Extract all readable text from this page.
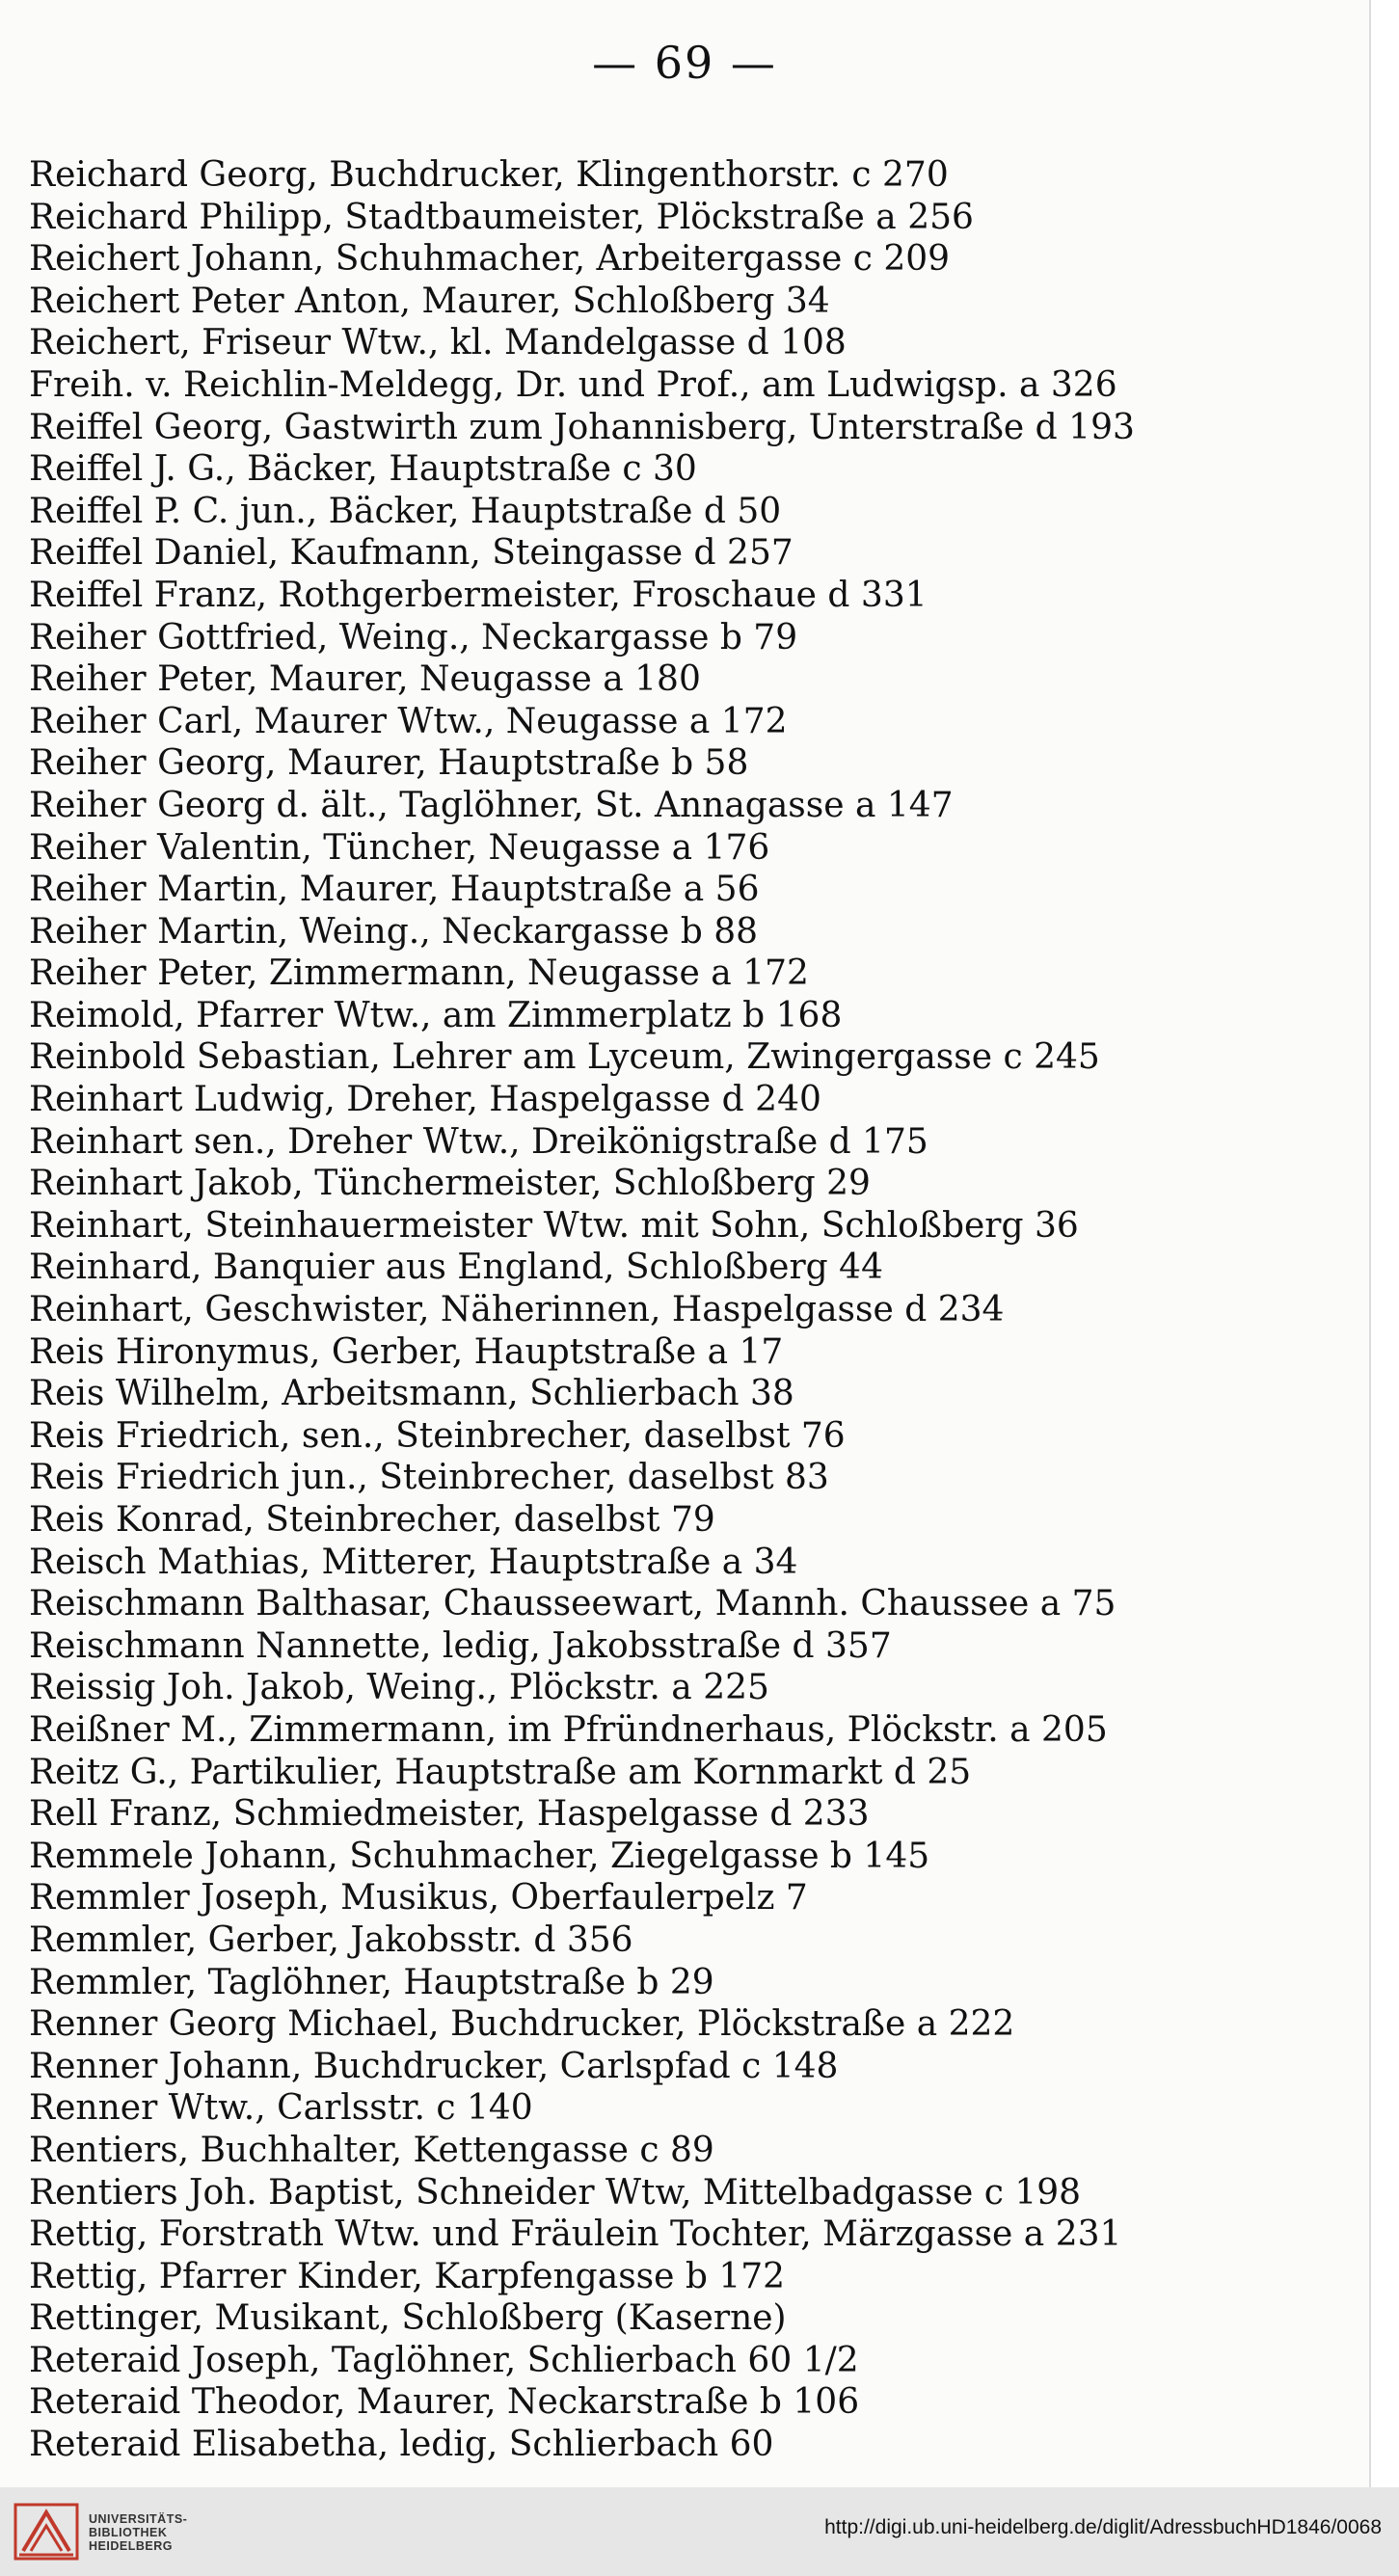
— 69 —
Reichard Georg, Buchdrucker, Klingenthorstr. c 270
Reichard Philipp, Stadtbaumeister, Plöckstraße a 256
Reichert Johann, Schuhmacher, Arbeitergasse c 209
Reichert Peter Anton, Maurer, Schloßberg 34
Reichert, Friseur Wtw., kl. Mandelgasse d 108
Freih. v. Reichlin-Meldegg, Dr. und Prof., am Ludwigsp. a 326
Reiffel Georg, Gastwirth zum Johannisberg, Unterstraße d 193
Reiffel J. G., Bäcker, Hauptstraße c 30
Reiffel P. C. jun., Bäcker, Hauptstraße d 50
Reiffel Daniel, Kaufmann, Steingasse d 257
Reiffel Franz, Rothgerbermeister, Froschaue d 331
Reiher Gottfried, Weing., Neckargasse b 79
Reiher Peter, Maurer, Neugasse a 180
Reiher Carl, Maurer Wtw., Neugasse a 172
Reiher Georg, Maurer, Hauptstraße b 58
Reiher Georg d. ält., Taglöhner, St. Annagasse a 147
Reiher Valentin, Tüncher, Neugasse a 176
Reiher Martin, Maurer, Hauptstraße a 56
Reiher Martin, Weing., Neckargasse b 88
Reiher Peter, Zimmermann, Neugasse a 172
Reimold, Pfarrer Wtw., am Zimmerplatz b 168
Reinbold Sebastian, Lehrer am Lyceum, Zwingergasse c 245
Reinhart Ludwig, Dreher, Haspelgasse d 240
Reinhart sen., Dreher Wtw., Dreikönigstraße d 175
Reinhart Jakob, Tünchermeister, Schloßberg 29
Reinhart, Steinhauermeister Wtw. mit Sohn, Schloßberg 36
Reinhard, Banquier aus England, Schloßberg 44
Reinhart, Geschwister, Näherinnen, Haspelgasse d 234
Reis Hironymus, Gerber, Hauptstraße a 17
Reis Wilhelm, Arbeitsmann, Schlierbach 38
Reis Friedrich, sen., Steinbrecher, daselbst 76
Reis Friedrich jun., Steinbrecher, daselbst 83
Reis Konrad, Steinbrecher, daselbst 79
Reisch Mathias, Mitterer, Hauptstraße a 34
Reischmann Balthasar, Chausseewart, Mannh. Chaussee a 75
Reischmann Nannette, ledig, Jakobsstraße d 357
Reissig Joh. Jakob, Weing., Plöckstr. a 225
Reißner M., Zimmermann, im Pfründnerhaus, Plöckstr. a 205
Reitz G., Partikulier, Hauptstraße am Kornmarkt d 25
Rell Franz, Schmiedmeister, Haspelgasse d 233
Remmele Johann, Schuhmacher, Ziegelgasse b 145
Remmler Joseph, Musikus, Oberfaulerpelz 7
Remmler, Gerber, Jakobsstr. d 356
Remmler, Taglöhner, Hauptstraße b 29
Renner Georg Michael, Buchdrucker, Plöckstraße a 222
Renner Johann, Buchdrucker, Carlspfad c 148
Renner Wtw., Carlsstr. c 140
Rentiers, Buchhalter, Kettengasse c 89
Rentiers Joh. Baptist, Schneider Wtw, Mittelbadgasse c 198
Rettig, Forstrath Wtw. und Fräulein Tochter, Märzgasse a 231
Rettig, Pfarrer Kinder, Karpfengasse b 172
Rettinger, Musikant, Schloßberg (Kaserne)
Reteraid Joseph, Taglöhner, Schlierbach 60 1/2
Reteraid Theodor, Maurer, Neckarstraße b 106
Reteraid Elisabetha, ledig, Schlierbach 60
UNIVERSITÄTS-
BIBLIOTHEK
HEIDELBERG
http://digi.ub.uni-heidelberg.de/diglit/AdressbuchHD1846/0068
